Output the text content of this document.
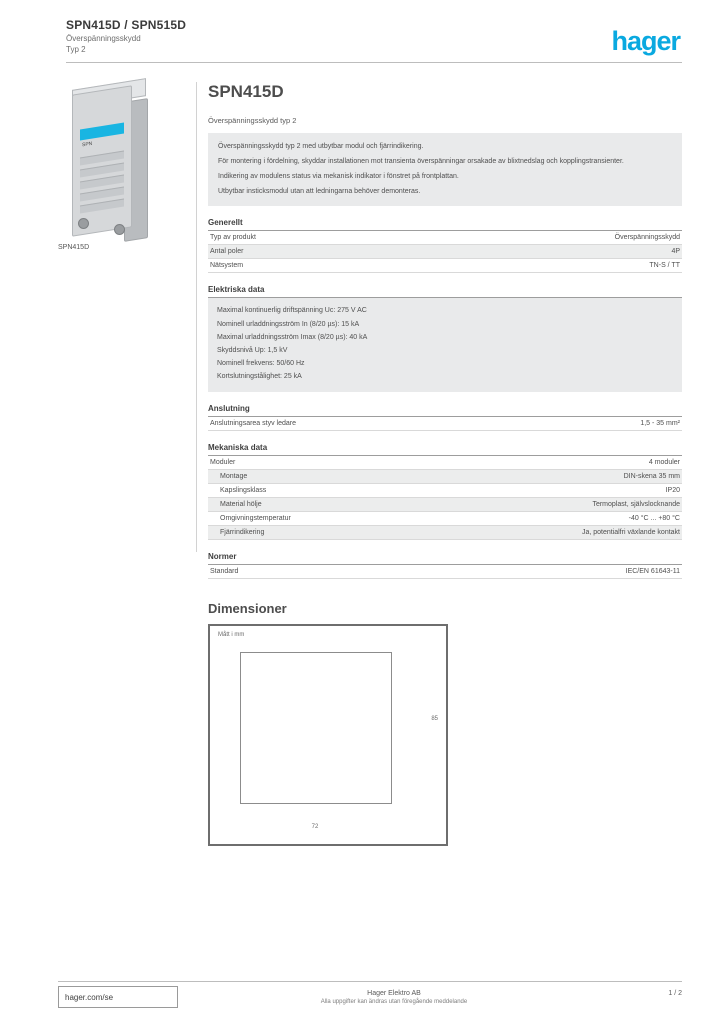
SPN415D / SPN515D
Överspänningsskydd
Typ 2	hager
SPN
SPN415D
SPN415D
Överspänningsskydd typ 2

Överspänningsskydd typ 2 med utbytbar modul och fjärrindikering.

För montering i fördelning, skyddar installationen mot transienta överspänningar orsakade av blixtnedslag och kopplingstransienter.

Indikering av modulens status via mekanisk indikator i fönstret på frontplattan.

Utbytbar insticksmodul utan att ledningarna behöver demonteras.

Generellt
Typ av produkt	Överspänningsskydd
Antal poler	4P
Nätsystem	TN-S / TT
Elektriska data
Maximal kontinuerlig driftspänning Uc: 275 V AC
Nominell urladdningsström In (8/20 µs): 15 kA
Maximal urladdningsström Imax (8/20 µs): 40 kA
Skyddsnivå Up: 1,5 kV
Nominell frekvens: 50/60 Hz
Kortslutningstålighet: 25 kA
Anslutning
Anslutningsarea styv ledare	1,5 - 35 mm²
Mekaniska data
Moduler	4 moduler
Montage	DIN-skena 35 mm
Kapslingsklass	IP20
Material hölje	Termoplast, självslocknande
Omgivningstemperatur	-40 °C ... +80 °C
Fjärrindikering	Ja, potentialfri växlande kontakt
Normer
Standard	IEC/EN 61643-11
Dimensioner
Mått i mm
72
85
hager.com/se	Hager Elektro AB
Alla uppgifter kan ändras utan föregående meddelande
1 / 2
